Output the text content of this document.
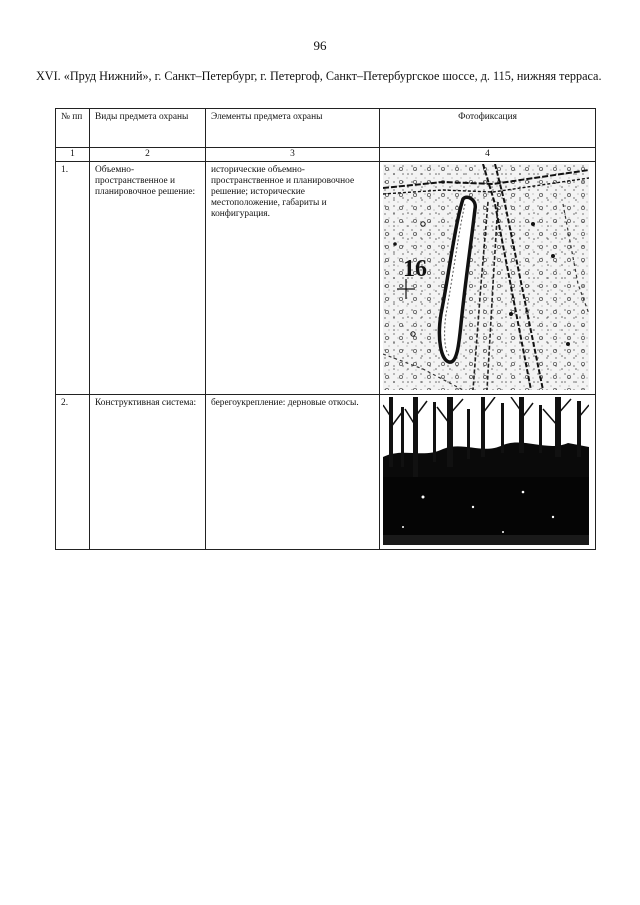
96
XVI. «Пруд Нижний», г. Санкт–Петербург, г. Петергоф, Санкт–Петербургское шоссе, д. 115, нижняя терраса.
№ пп	Виды предмета охраны	Элементы предмета охраны	Фотофиксация
1	2	3	4
1.	Объемно-пространственное и планировочное решение:	исторические объемно-пространственное и планировочное решение; исторические местоположение, габариты и конфигурация.	16

2.	Конструктивная система:	берегоукрепление: дерновые откосы.	
